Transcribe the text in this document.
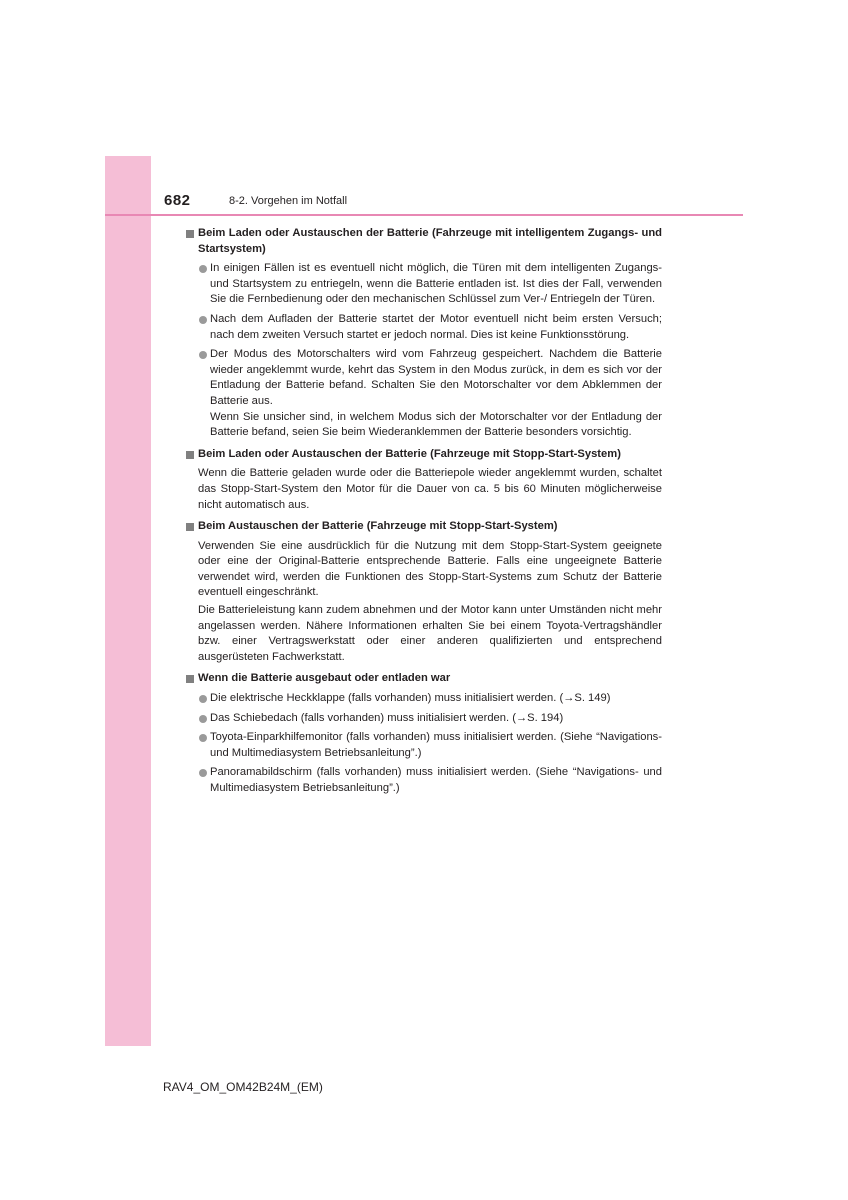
682	8-2. Vorgehen im Notfall
Beim Laden oder Austauschen der Batterie (Fahrzeuge mit intelligentem Zugangs- und Startsystem)
In einigen Fällen ist es eventuell nicht möglich, die Türen mit dem intelligenten Zugangs- und Startsystem zu entriegeln, wenn die Batterie entladen ist. Ist dies der Fall, verwenden Sie die Fernbedienung oder den mechanischen Schlüssel zum Ver-/ Entriegeln der Türen.
Nach dem Aufladen der Batterie startet der Motor eventuell nicht beim ersten Versuch; nach dem zweiten Versuch startet er jedoch normal. Dies ist keine Funktionsstörung.
Der Modus des Motorschalters wird vom Fahrzeug gespeichert. Nachdem die Batterie wieder angeklemmt wurde, kehrt das System in den Modus zurück, in dem es sich vor der Entladung der Batterie befand. Schalten Sie den Motorschalter vor dem Abklemmen der Batterie aus.
Wenn Sie unsicher sind, in welchem Modus sich der Motorschalter vor der Entladung der Batterie befand, seien Sie beim Wiederanklemmen der Batterie besonders vorsichtig.
Beim Laden oder Austauschen der Batterie (Fahrzeuge mit Stopp-Start-System)
Wenn die Batterie geladen wurde oder die Batteriepole wieder angeklemmt wurden, schaltet das Stopp-Start-System den Motor für die Dauer von ca. 5 bis 60 Minuten möglicherweise nicht automatisch aus.
Beim Austauschen der Batterie (Fahrzeuge mit Stopp-Start-System)
Verwenden Sie eine ausdrücklich für die Nutzung mit dem Stopp-Start-System geeignete oder eine der Original-Batterie entsprechende Batterie. Falls eine ungeeignete Batterie verwendet wird, werden die Funktionen des Stopp-Start-Systems zum Schutz der Batterie eventuell eingeschränkt.
Die Batterieleistung kann zudem abnehmen und der Motor kann unter Umständen nicht mehr angelassen werden. Nähere Informationen erhalten Sie bei einem Toyota-Vertragshändler bzw. einer Vertragswerkstatt oder einer anderen qualifizierten und entsprechend ausgerüsteten Fachwerkstatt.
Wenn die Batterie ausgebaut oder entladen war
Die elektrische Heckklappe (falls vorhanden) muss initialisiert werden. (→S. 149)
Das Schiebedach (falls vorhanden) muss initialisiert werden. (→S. 194)
Toyota-Einparkhilfemonitor (falls vorhanden) muss initialisiert werden. (Siehe “Navigations- und Multimediasystem Betriebsanleitung”.)
Panoramabildschirm (falls vorhanden) muss initialisiert werden. (Siehe “Navigations- und Multimediasystem Betriebsanleitung”.)
RAV4_OM_OM42B24M_(EM)
